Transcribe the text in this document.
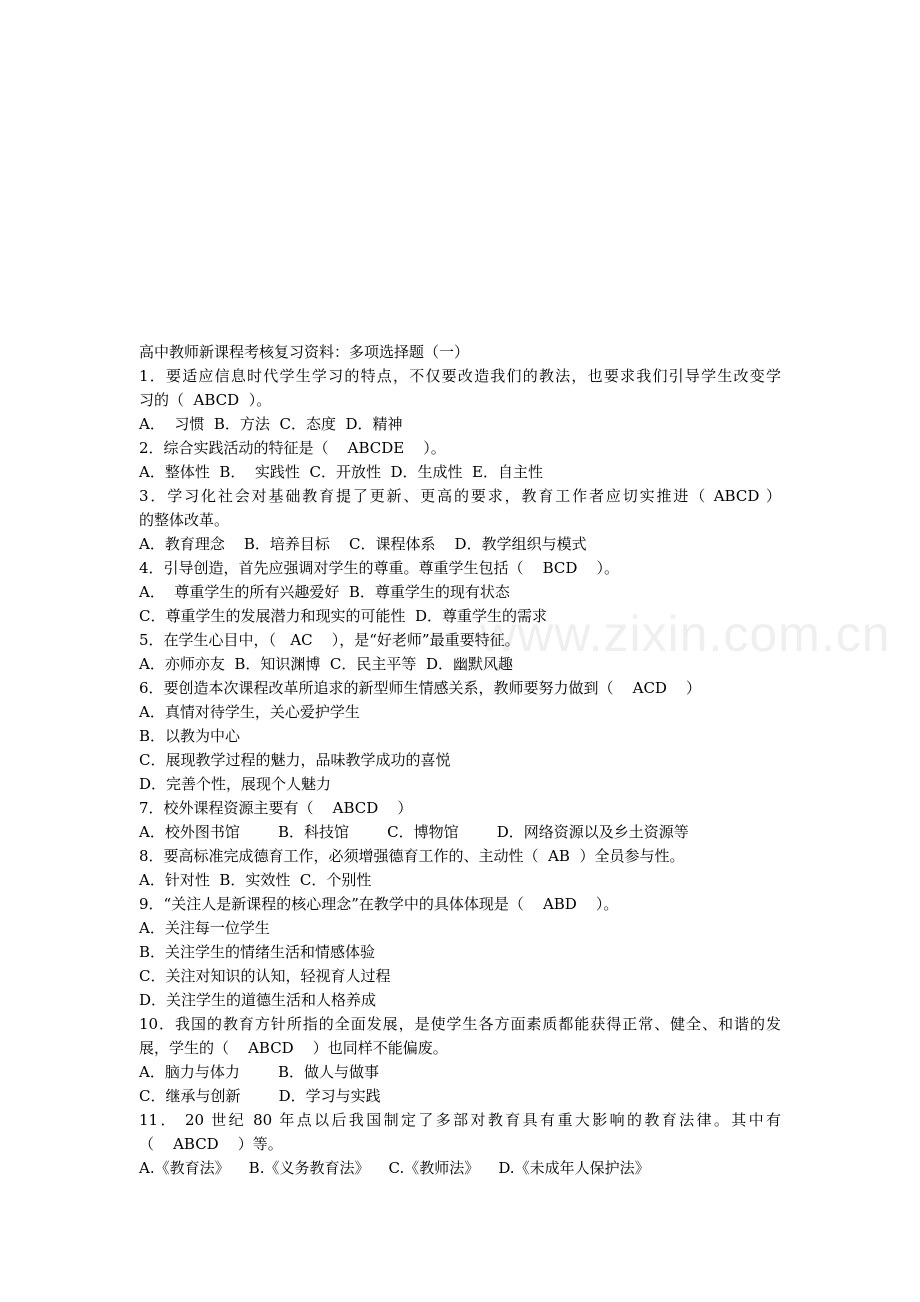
www.zixin.com.cn

高中教师新课程考核复习资料：多项选择题（一）

1．要适应信息时代学生学习的特点，不仅要改造我们的教法，也要求我们引导学生改变学

习的（  ABCD  ）。

A．  习惯  B．方法  C．态度  D．精神

2．综合实践活动的特征是（    ABCDE    ）。

A．整体性  B．  实践性  C．开放性  D．生成性  E．自主性

3．学习化社会对基础教育提了更新、更高的要求，教育工作者应切实推进（ ABCD ）

的整体改革。

A．教育理念    B．培养目标    C．课程体系    D．教学组织与模式

4．引导创造，首先应强调对学生的尊重。尊重学生包括（    BCD    ）。

A．  尊重学生的所有兴趣爱好  B．尊重学生的现有状态

C．尊重学生的发展潜力和现实的可能性  D．尊重学生的需求

5．在学生心目中，（   AC    ），是“好老师”最重要特征。

A．亦师亦友  B．知识渊博  C．民主平等  D．幽默风趣

6．要创造本次课程改革所追求的新型师生情感关系，教师要努力做到（    ACD    ）

A．真情对待学生，关心爱护学生

B．以教为中心

C．展现教学过程的魅力，品味教学成功的喜悦

D．完善个性，展现个人魅力

7．校外课程资源主要有（    ABCD    ）

A．校外图书馆        B．科技馆        C．博物馆        D．网络资源以及乡土资源等

8．要高标准完成德育工作，必须增强德育工作的、主动性（  AB  ）全员参与性。

A．针对性  B．实效性  C．个别性

9．“关注人是新课程的核心理念”在教学中的具体体现是（    ABD    ）。

A．关注每一位学生

B．关注学生的情绪生活和情感体验

C．关注对知识的认知，轻视育人过程

D．关注学生的道德生活和人格养成

10．我国的教育方针所指的全面发展，是使学生各方面素质都能获得正常、健全、和谐的发

展，学生的（    ABCD    ）也同样不能偏废。

A．脑力与体力        B．做人与做事

C．继承与创新        D．学习与实践

11． 20 世纪 80 年点以后我国制定了多部对教育具有重大影响的教育法律。其中有

（    ABCD    ）等。

A.《教育法》    B.《义务教育法》    C.《教师法》    D.《未成年人保护法》
